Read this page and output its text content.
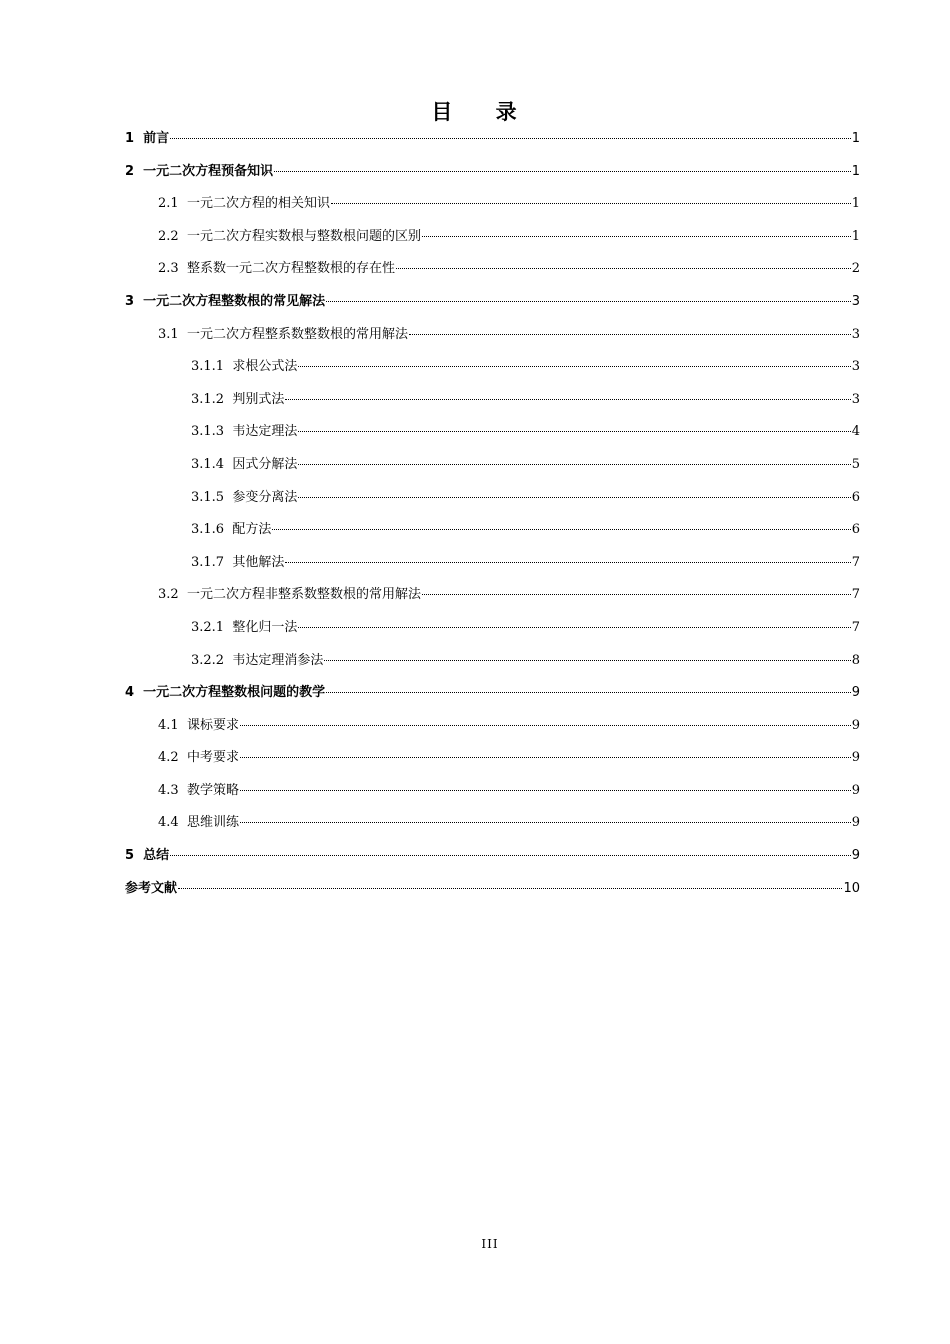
目 录
1 前言	1
2 一元二次方程预备知识	1
2.1 一元二次方程的相关知识	1
2.2 一元二次方程实数根与整数根问题的区别	1
2.3 整系数一元二次方程整数根的存在性	2
3 一元二次方程整数根的常见解法	3
3.1 一元二次方程整系数整数根的常用解法	3
3.1.1 求根公式法	3
3.1.2 判别式法	3
3.1.3 韦达定理法	4
3.1.4 因式分解法	5
3.1.5 参变分离法	6
3.1.6 配方法	6
3.1.7 其他解法	7
3.2 一元二次方程非整系数整数根的常用解法	7
3.2.1 整化归一法	7
3.2.2 韦达定理消参法	8
4 一元二次方程整数根问题的教学	9
4.1 课标要求	9
4.2 中考要求	9
4.3 教学策略	9
4.4 思维训练	9
5 总结	9
参考文献	10
III
